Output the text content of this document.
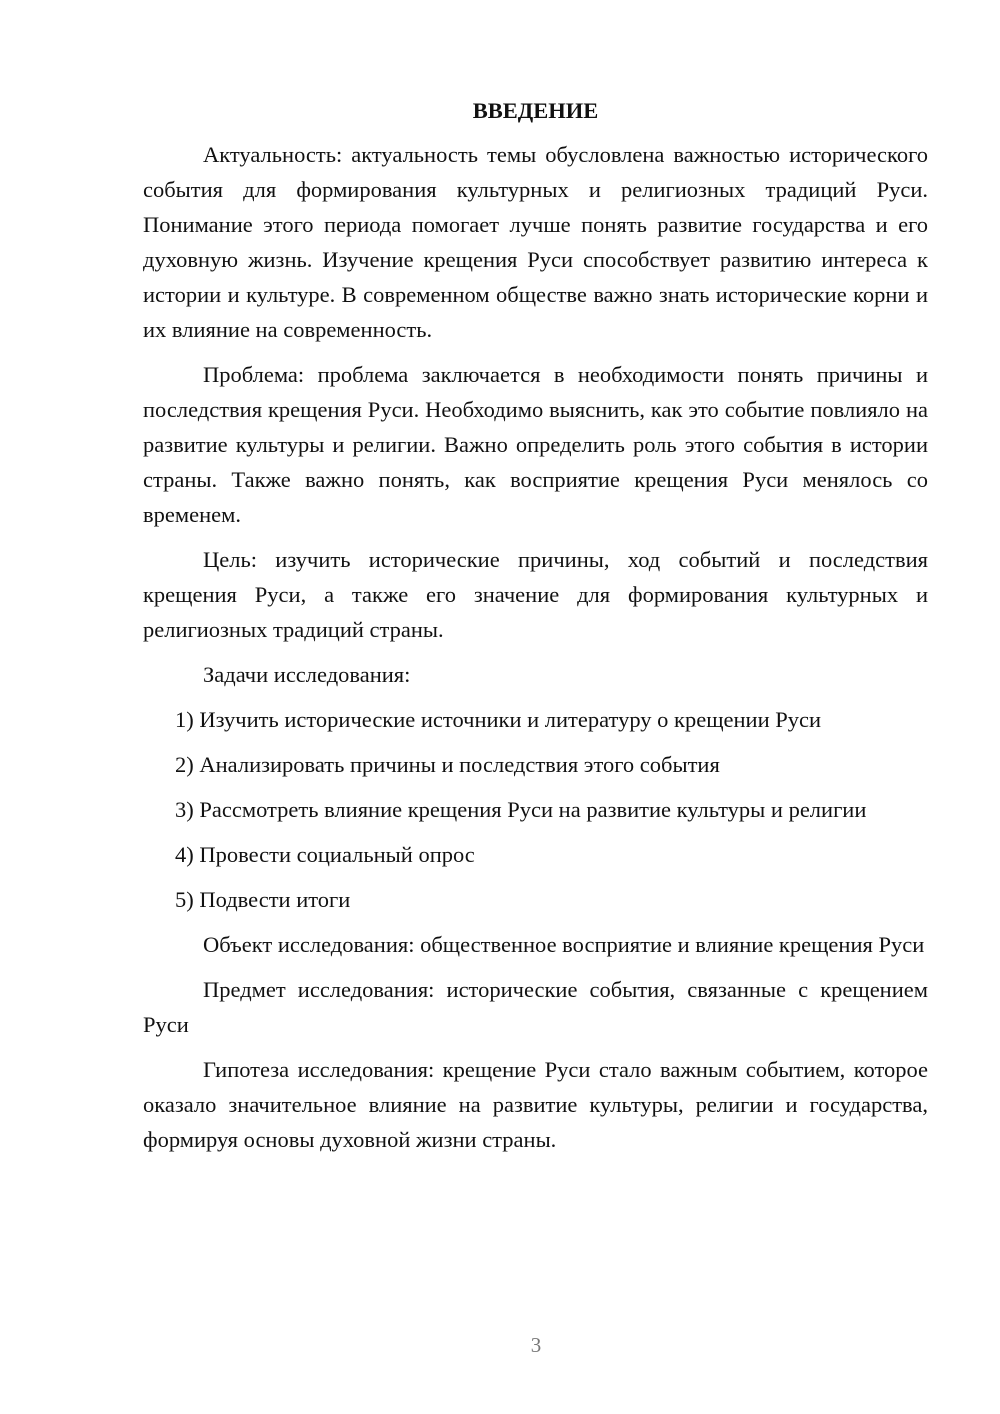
ВВЕДЕНИЕ

Актуальность: актуальность темы обусловлена важностью исторического события для формирования культурных и религиозных традиций Руси. Понимание этого периода помогает лучше понять развитие государства и его духовную жизнь. Изучение крещения Руси способствует развитию интереса к истории и культуре. В современном обществе важно знать исторические корни и их влияние на современность.

Проблема: проблема заключается в необходимости понять причины и последствия крещения Руси. Необходимо выяснить, как это событие повлияло на развитие культуры и религии. Важно определить роль этого события в истории страны. Также важно понять, как восприятие крещения Руси менялось со временем.

Цель: изучить исторические причины, ход событий и последствия крещения Руси, а также его значение для формирования культурных и религиозных традиций страны.

Задачи исследования:

1) Изучить исторические источники и литературу о крещении Руси

2) Анализировать причины и последствия этого события

3) Рассмотреть влияние крещения Руси на развитие культуры и религии

4) Провести социальный опрос

5) Подвести итоги

Объект исследования: общественное восприятие и влияние крещения Руси

Предмет исследования: исторические события, связанные с крещением Руси

Гипотеза исследования: крещение Руси стало важным событием, которое оказало значительное влияние на развитие культуры, религии и государства, формируя основы духовной жизни страны.

3
